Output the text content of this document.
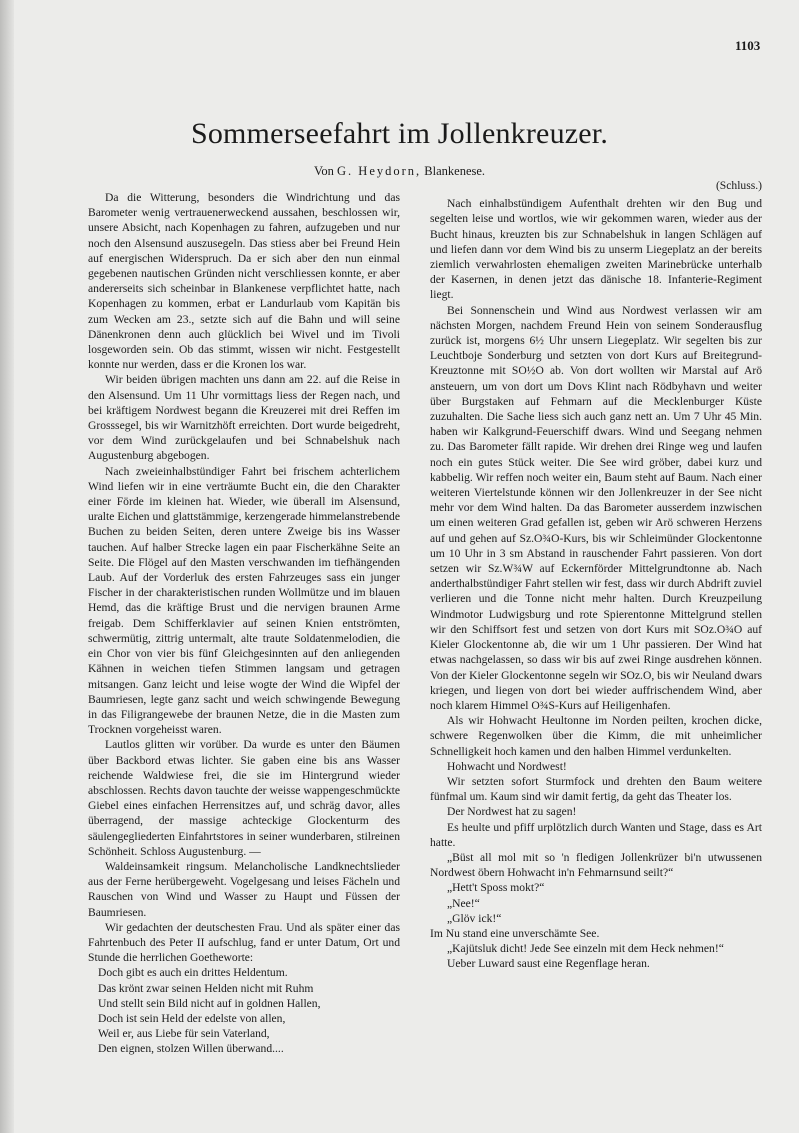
1103
Sommerseefahrt im Jollenkreuzer.
Von G. Heydorn, Blankenese.

Da die Witterung, besonders die Windrichtung und das Barometer wenig vertrauenerweckend aussahen, beschlossen wir, unsere Absicht, nach Kopenhagen zu fahren, aufzugeben und nur noch den Alsensund auszusegeln. Das stiess aber bei Freund Hein auf energischen Widerspruch. Da er sich aber den nun einmal gegebenen nautischen Gründen nicht verschliessen konnte, er aber andererseits sich scheinbar in Blankenese verpflichtet hatte, nach Kopenhagen zu kommen, erbat er Landurlaub vom Kapitän bis zum Wecken am 23., setzte sich auf die Bahn und will seine Dänenkronen denn auch glücklich bei Wivel und im Tivoli losgeworden sein. Ob das stimmt, wissen wir nicht. Festgestellt konnte nur werden, dass er die Kronen los war.

Wir beiden übrigen machten uns dann am 22. auf die Reise in den Alsensund. Um 11 Uhr vormittags liess der Regen nach, und bei kräftigem Nordwest begann die Kreuzerei mit drei Reffen im Grosssegel, bis wir Warnitzhöft erreichten. Dort wurde beigedreht, vor dem Wind zurückgelaufen und bei Schnabelshuk nach Augustenburg abgebogen.

Nach zweieinhalbstündiger Fahrt bei frischem achterlichem Wind liefen wir in eine verträumte Bucht ein, die den Charakter einer Förde im kleinen hat. Wieder, wie überall im Alsensund, uralte Eichen und glattstämmige, kerzengerade himmelanstrebende Buchen zu beiden Seiten, deren untere Zweige bis ins Wasser tauchen. Auf halber Strecke lagen ein paar Fischerkähne Seite an Seite. Die Flögel auf den Masten verschwanden im tiefhängenden Laub. Auf der Vorderluk des ersten Fahrzeuges sass ein junger Fischer in der charakteristischen runden Wollmütze und im blauen Hemd, das die kräftige Brust und die nervigen braunen Arme freigab. Dem Schifferklavier auf seinen Knien entströmten, schwermütig, zittrig untermalt, alte traute Soldatenmelodien, die ein Chor von vier bis fünf Gleichgesinnten auf den anliegenden Kähnen in weichen tiefen Stimmen langsam und getragen mitsangen. Ganz leicht und leise wogte der Wind die Wipfel der Baumriesen, legte ganz sacht und weich schwingende Bewegung in das Filigrangewebe der braunen Netze, die in die Masten zum Trocknen vorgeheisst waren.

Lautlos glitten wir vorüber. Da wurde es unter den Bäumen über Backbord etwas lichter. Sie gaben eine bis ans Wasser reichende Waldwiese frei, die sie im Hintergrund wieder abschlossen. Rechts davon tauchte der weisse wappengeschmückte Giebel eines einfachen Herrensitzes auf, und schräg davor, alles überragend, der massige achteckige Glockenturm des säulengegliederten Einfahrtstores in seiner wunderbaren, stilreinen Schönheit. Schloss Augustenburg. —

Waldeinsamkeit ringsum. Melancholische Landknechtslieder aus der Ferne herübergeweht. Vogelgesang und leises Fächeln und Rauschen von Wind und Wasser zu Haupt und Füssen der Baumriesen.

Wir gedachten der deutschesten Frau. Und als später einer das Fahrtenbuch des Peter II aufschlug, fand er unter Datum, Ort und Stunde die herrlichen Goetheworte:

Doch gibt es auch ein drittes Heldentum.
Das krönt zwar seinen Helden nicht mit Ruhm
Und stellt sein Bild nicht auf in goldnen Hallen,
Doch ist sein Held der edelste von allen,
Weil er, aus Liebe für sein Vaterland,
Den eignen, stolzen Willen überwand....

(Schluss.)

Nach einhalbstündigem Aufenthalt drehten wir den Bug und segelten leise und wortlos, wie wir gekommen waren, wieder aus der Bucht hinaus, kreuzten bis zur Schnabelshuk in langen Schlägen auf und liefen dann vor dem Wind bis zu unserm Liegeplatz an der bereits ziemlich verwahrlosten ehemaligen zweiten Marinebrücke unterhalb der Kasernen, in denen jetzt das dänische 18. Infanterie-Regiment liegt.

Bei Sonnenschein und Wind aus Nordwest verlassen wir am nächsten Morgen, nachdem Freund Hein von seinem Sonderausflug zurück ist, morgens 6½ Uhr unsern Liegeplatz. Wir segelten bis zur Leuchtboje Sonderburg und setzten von dort Kurs auf Breitegrund-Kreuztonne mit SO½O ab. Von dort wollten wir Marstal auf Arö ansteuern, um von dort um Dovs Klint nach Rödbyhavn und weiter über Burgstaken auf Fehmarn auf die Mecklenburger Küste zuzuhalten. Die Sache liess sich auch ganz nett an. Um 7 Uhr 45 Min. haben wir Kalkgrund-Feuerschiff dwars. Wind und Seegang nehmen zu. Das Barometer fällt rapide. Wir drehen drei Ringe weg und laufen noch ein gutes Stück weiter. Die See wird gröber, dabei kurz und kabbelig. Wir reffen noch weiter ein, Baum steht auf Baum. Nach einer weiteren Viertelstunde können wir den Jollenkreuzer in der See nicht mehr vor dem Wind halten. Da das Barometer ausserdem inzwischen um einen weiteren Grad gefallen ist, geben wir Arö schweren Herzens auf und gehen auf Sz.O¾O-Kurs, bis wir Schleimünder Glockentonne um 10 Uhr in 3 sm Abstand in rauschender Fahrt passieren. Von dort setzen wir Sz.W¾W auf Eckernförder Mittelgrundtonne ab. Nach anderthalbstündiger Fahrt stellen wir fest, dass wir durch Abdrift zuviel verlieren und die Tonne nicht mehr halten. Durch Kreuzpeilung Windmotor Ludwigsburg und rote Spierentonne Mittelgrund stellen wir den Schiffsort fest und setzen von dort Kurs mit SOz.O¾O auf Kieler Glockentonne ab, die wir um 1 Uhr passieren. Der Wind hat etwas nachgelassen, so dass wir bis auf zwei Ringe ausdrehen können. Von der Kieler Glockentonne segeln wir SOz.O, bis wir Neuland dwars kriegen, und liegen von dort bei wieder auffrischendem Wind, aber noch klarem Himmel O¾S-Kurs auf Heiligenhafen.

Als wir Hohwacht Heultonne im Norden peilten, krochen dicke, schwere Regenwolken über die Kimm, die mit unheimlicher Schnelligkeit hoch kamen und den halben Himmel verdunkelten.

Hohwacht und Nordwest!

Wir setzten sofort Sturmfock und drehten den Baum weitere fünfmal um. Kaum sind wir damit fertig, da geht das Theater los.

Der Nordwest hat zu sagen!

Es heulte und pfiff urplötzlich durch Wanten und Stage, dass es Art hatte.

„Büst all mol mit so 'n fledigen Jollenkrüzer bi'n utwussenen Nordwest öbern Hohwacht in'n Fehmarnsund seilt?“

„Hett't Sposs mokt?“

„Nee!“

„Glöv ick!“

Im Nu stand eine unverschämte See.

„Kajütsluk dicht! Jede See einzeln mit dem Heck nehmen!“

Ueber Luward saust eine Regenflage heran.
